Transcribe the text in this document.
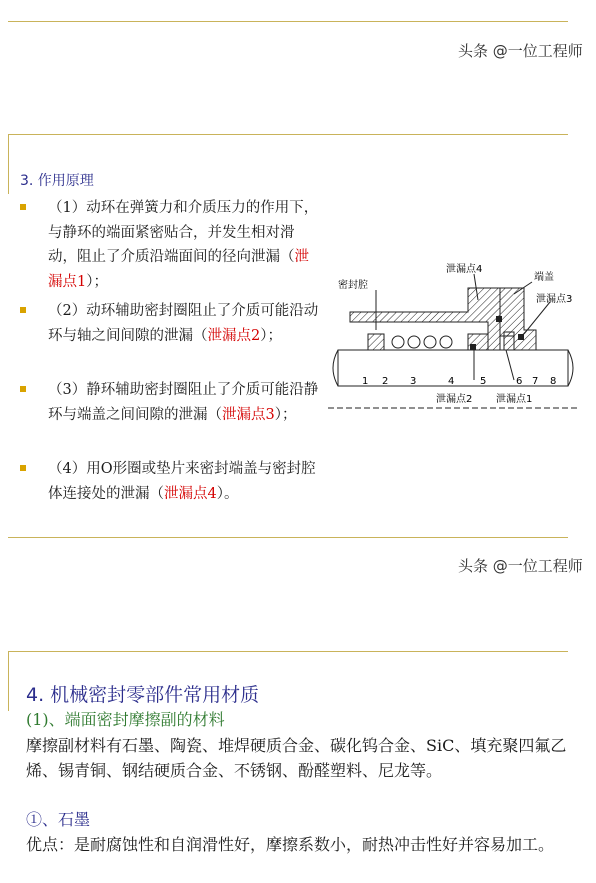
头条 @一位工程师
3. 作用原理
（1）动环在弹簧力和介质压力的作用下，与静环的端面紧密贴合，并发生相对滑动，阻止了介质沿端面间的径向泄漏（泄漏点1）；
（2）动环辅助密封圈阻止了介质可能沿动环与轴之间间隙的泄漏（泄漏点2）；
（3）静环辅助密封圈阻止了介质可能沿静环与端盖之间间隙的泄漏（泄漏点3）；
（4）用O形圈或垫片来密封端盖与密封腔体连接处的泄漏（泄漏点4）。
密封腔
泄漏点4
端盖
泄漏点3
泄漏点2 泄漏点1
1 2 3	4	5	6 7 8
头条 @一位工程师
4. 机械密封零部件常用材质
(1)、端面密封摩擦副的材料
摩擦副材料有石墨、陶瓷、堆焊硬质合金、碳化钨合金、SiC、填充聚四氟乙烯、锡青铜、钢结硬质合金、不锈钢、酚醛塑料、尼龙等。
①、石墨
优点：是耐腐蚀性和自润滑性好，摩擦系数小，耐热冲击性好并容易加工。
